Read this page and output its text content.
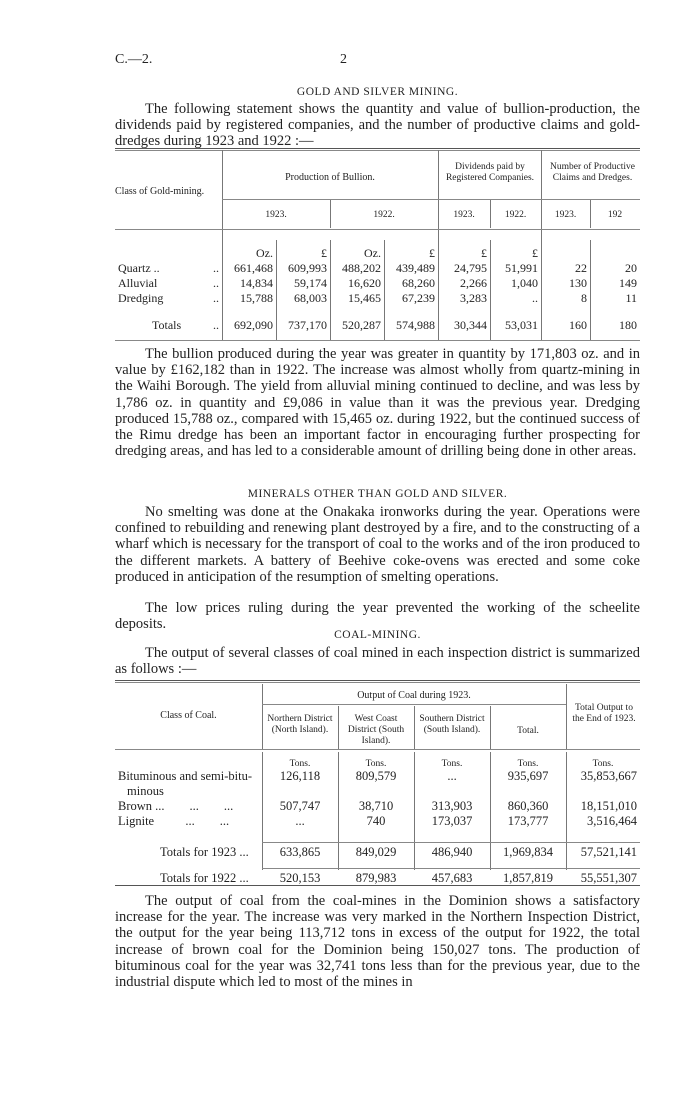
C.—2.	2
GOLD AND SILVER MINING.
The following statement shows the quantity and value of bullion-production, the dividends paid by registered companies, and the number of productive claims and gold-dredges during 1923 and 1922 :—
Class of Gold-mining.
Production of Bullion.
Dividends paid by Registered Companies.
Number of Productive Claims and Dredges.
1923.	1922.	1923.	1922.	1923.	192
	Oz.	£	Oz.	£	£	£		
Quartz .. ..	661,468	609,993	488,202	439,489	24,795	51,991	22	20
Alluvial ..	14,834	59,174	16,620	68,260	2,266	1,040	130	149
Dredging ..	15,788	68,003	15,465	67,239	3,283	..	8	11

Totals ..	692,090	737,170	520,287	574,988	30,344	53,031	160	180
The bullion produced during the year was greater in quantity by 171,803 oz. and in value by £162,182 than in 1922. The increase was almost wholly from quartz-mining in the Waihi Borough. The yield from alluvial mining continued to decline, and was less by 1,786 oz. in quantity and £9,086 in value than it was the previous year. Dredging produced 15,788 oz., compared with 15,465 oz. during 1922, but the continued success of the Rimu dredge has been an important factor in encouraging further prospecting for dredging areas, and has led to a considerable amount of drilling being done in other areas.
MINERALS OTHER THAN GOLD AND SILVER.
No smelting was done at the Onakaka ironworks during the year. Operations were confined to rebuilding and renewing plant destroyed by a fire, and to the constructing of a wharf which is necessary for the transport of coal to the works and of the iron produced to the different markets. A battery of Beehive coke-ovens was erected and some coke produced in anticipation of the resumption of smelting operations.
The low prices ruling during the year prevented the working of the scheelite deposits.
COAL-MINING.
The output of several classes of coal mined in each inspection district is summarized as follows :—
Class of Coal.
Output of Coal during 1923.
Total Output to the End of 1923.
Northern District (North Island).
West Coast District (South Island).
Southern District (South Island).	Total.
	Tons.	Tons.	Tons.	Tons.	Tons.
Bituminous and semi-bitu-	126,118	809,579	...	935,697	35,853,667
minous					
Brown ...        ...        ...	507,747	38,710	313,903	860,360	18,151,010
Lignite          ...        ...	...	740	173,037	173,777	3,516,464

Totals for 1923 ...	633,865	849,029	486,940	1,969,834	57,521,141

Totals for 1922 ...	520,153	879,983	457,683	1,857,819	55,551,307
The output of coal from the coal-mines in the Dominion shows a satisfactory increase for the year. The increase was very marked in the Northern Inspection District, the output for the year being 113,712 tons in excess of the output for 1922, the total increase of brown coal for the Dominion being 150,027 tons. The production of bituminous coal for the year was 32,741 tons less than for the previous year, due to the industrial dispute which led to most of the mines in
